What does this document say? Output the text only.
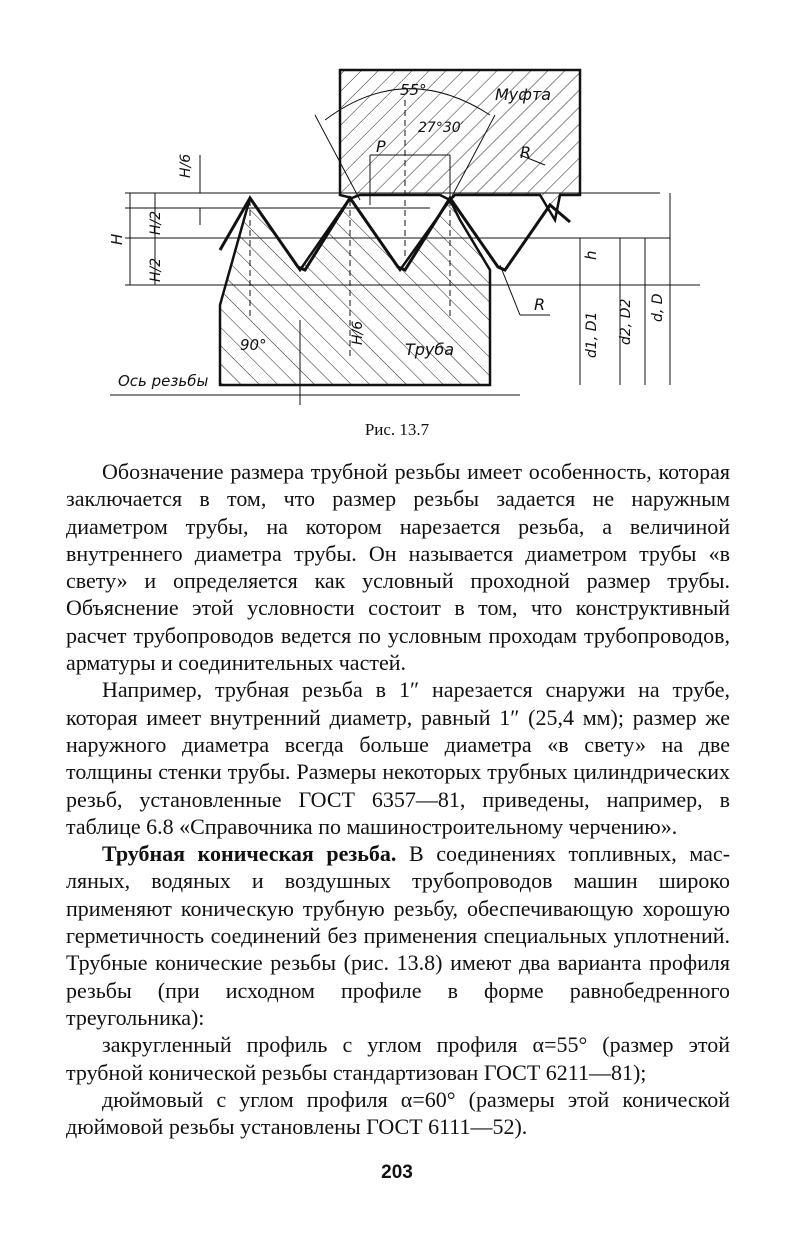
55°	Муфта
27°30′
P	R
R
H/6
H/2
H/2
H
h
H/6
90°	Труба
Ось резьбы
d1, D1 d2, D2 d, D
Рис. 13.7

Обозначение размера трубной резьбы имеет особенность, которая заключается в том, что размер резьбы задается не наружным диаметром трубы, на котором нарезается резьба, а величиной внутреннего диаметра трубы. Он называется диаметром трубы «в свету» и определяется как условный проходной размер трубы. Объяснение этой условности состоит в том, что конструктивный расчет трубопроводов ведется по условным проходам трубопроводов, арматуры и соединительных частей.

Например, трубная резьба в 1″ нарезается снаружи на трубе, которая имеет внутренний диаметр, равный 1″ (25,4 мм); размер же наружного диаметра всегда больше диаметра «в свету» на две толщины стенки трубы. Размеры некоторых трубных цилиндрических резьб, установленные ГОСТ 6357—81, приведены, например, в таблице 6.8 «Справочника по машиностроительному черчению».

Трубная коническая резьба. В соединениях топливных, масляных, водяных и воздушных трубопроводов машин широко применяют коническую трубную резьбу, обеспечивающую хорошую герметичность соединений без применения специальных уплотнений. Трубные конические резьбы (рис. 13.8) имеют два варианта профиля резьбы (при исходном профиле в форме равнобедренного треугольника):

закругленный профиль с углом профиля α=55° (размер этой трубной конической резьбы стандартизован ГОСТ 6211—81);

дюймовый с углом профиля α=60° (размеры этой конической дюймовой резьбы установлены ГОСТ 6111—52).

203
